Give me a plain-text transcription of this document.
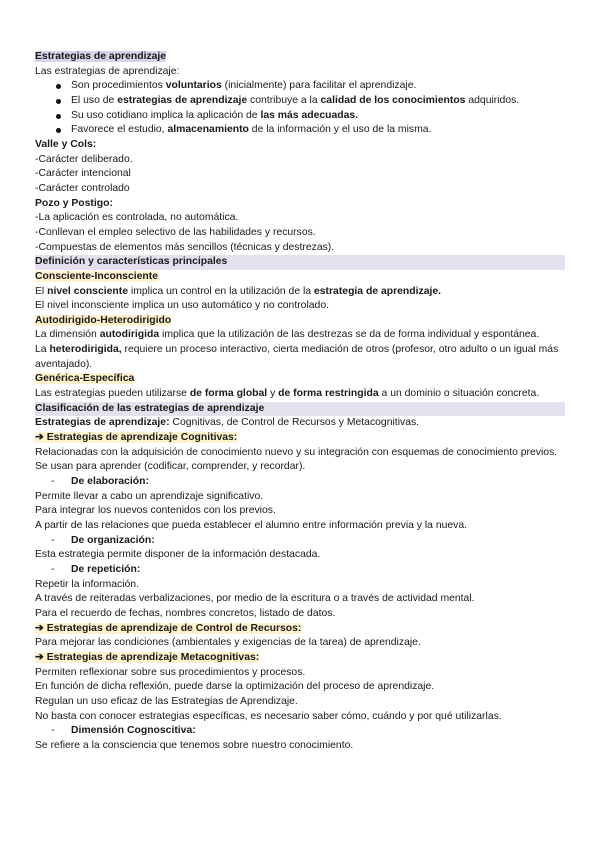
Estrategias de aprendizaje
Las estrategias de aprendizaje:
Son procedimientos voluntarios (inicialmente) para facilitar el aprendizaje.
El uso de estrategias de aprendizaje contribuye a la calidad de los conocimientos adquiridos.
Su uso cotidiano implica la aplicación de las más adecuadas.
Favorece el estudio, almacenamiento de la información y el uso de la misma.
Valle y Cols:
-Carácter deliberado.
-Carácter intencional
-Carácter controlado
Pozo y Postigo:
-La aplicación es controlada, no automática.
-Conllevan el empleo selectivo de las habilidades y recursos.
-Compuestas de elementos más sencillos (técnicas y destrezas).
Definición y características principales
Consciente-Inconsciente
El nivel consciente implica un control en la utilización de la estrategia de aprendizaje.
El nivel inconsciente implica un uso automático y no controlado.
Autodirigido-Heterodirigido
La dimensión autodirigida implica que la utilización de las destrezas se da de forma individual y espontánea.
La heterodirigida, requiere un proceso interactivo, cierta mediación de otros (profesor, otro adulto o un igual más aventajado).
Genérica-Específica
Las estrategias pueden utilizarse de forma global y de forma restringida a un dominio o situación concreta.
Clasificación de las estrategias de aprendizaje
Estrategias de aprendizaje: Cognitivas, de Control de Recursos y Metacognitivas.
➔ Estrategias de aprendizaje Cognitivas:
Relacionadas con la adquisición de conocimiento nuevo y su integración con esquemas de conocimiento previos.
Se usan para aprender (codificar, comprender, y recordar).
- De elaboración:
Permite llevar a cabo un aprendizaje significativo.
Para integrar los nuevos contenidos con los previos.
A partir de las relaciones que pueda establecer el alumno entre información previa y la nueva.
- De organización:
Esta estrategia permite disponer de la información destacada.
- De repetición:
Repetir la información.
A través de reiteradas verbalizaciones, por medio de la escritura o a través de actividad mental.
Para el recuerdo de fechas, nombres concretos, listado de datos.
➔ Estrategias de aprendizaje de Control de Recursos:
Para mejorar las condiciones (ambientales y exigencias de la tarea) de aprendizaje.
➔ Estrategias de aprendizaje Metacognitivas:
Permiten reflexionar sobre sus procedimientos y procesos.
En función de dicha reflexión, puede darse la optimización del proceso de aprendizaje.
Regulan un uso eficaz de las Estrategias de Aprendizaje.
No basta con conocer estrategias específicas, es necesario saber cómo, cuándo y por qué utilizarlas.
- Dimensión Cognoscitiva:
Se refiere a la consciencia que tenemos sobre nuestro conocimiento.
